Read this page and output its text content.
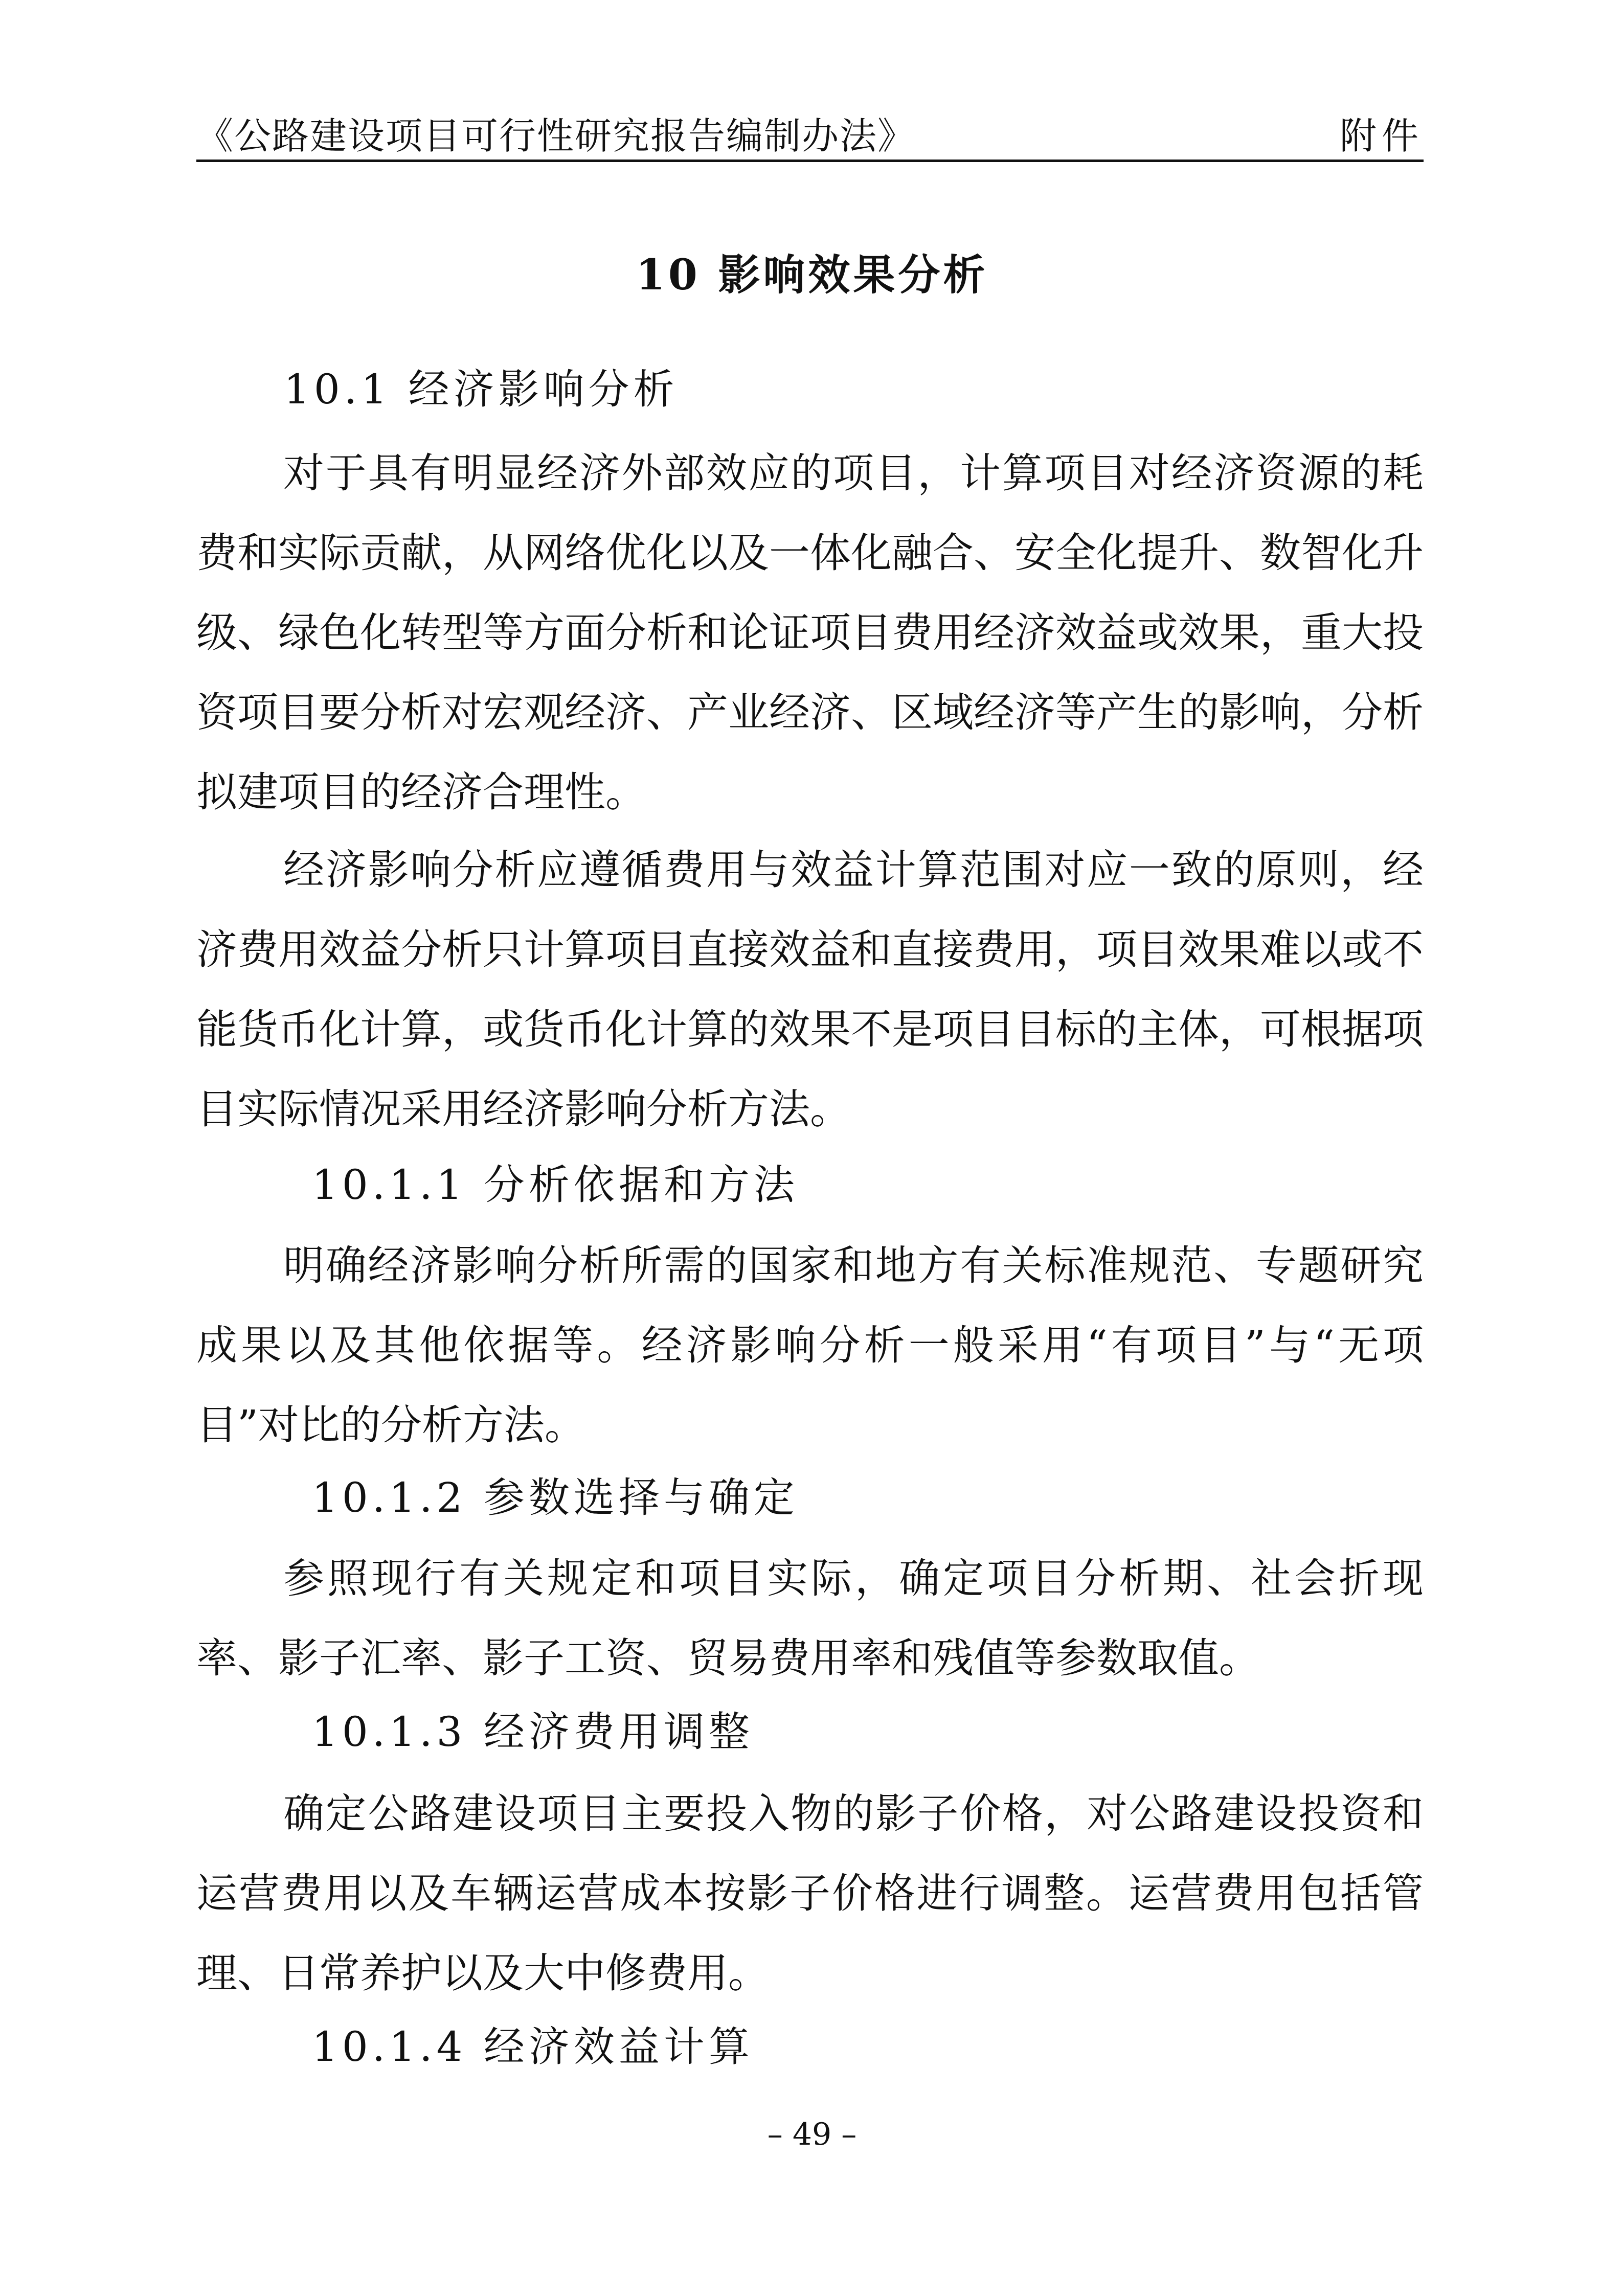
《公路建设项目可行性研究报告编制办法》	附件
10 影响效果分析
10.1 经济影响分析
对于具有明显经济外部效应的项目，计算项目对经济资源的耗费和实际贡献，从网络优化以及一体化融合、安全化提升、数智化升级、绿色化转型等方面分析和论证项目费用经济效益或效果，重大投资项目要分析对宏观经济、产业经济、区域经济等产生的影响，分析拟建项目的经济合理性。
经济影响分析应遵循费用与效益计算范围对应一致的原则，经济费用效益分析只计算项目直接效益和直接费用，项目效果难以或不能货币化计算，或货币化计算的效果不是项目目标的主体，可根据项目实际情况采用经济影响分析方法。
10.1.1 分析依据和方法
明确经济影响分析所需的国家和地方有关标准规范、专题研究成果以及其他依据等。经济影响分析一般采用“有项目”与“无项目”对比的分析方法。
10.1.2 参数选择与确定
参照现行有关规定和项目实际，确定项目分析期、社会折现率、影子汇率、影子工资、贸易费用率和残值等参数取值。
10.1.3 经济费用调整
确定公路建设项目主要投入物的影子价格，对公路建设投资和运营费用以及车辆运营成本按影子价格进行调整。运营费用包括管理、日常养护以及大中修费用。
10.1.4 经济效益计算
– 49 –
